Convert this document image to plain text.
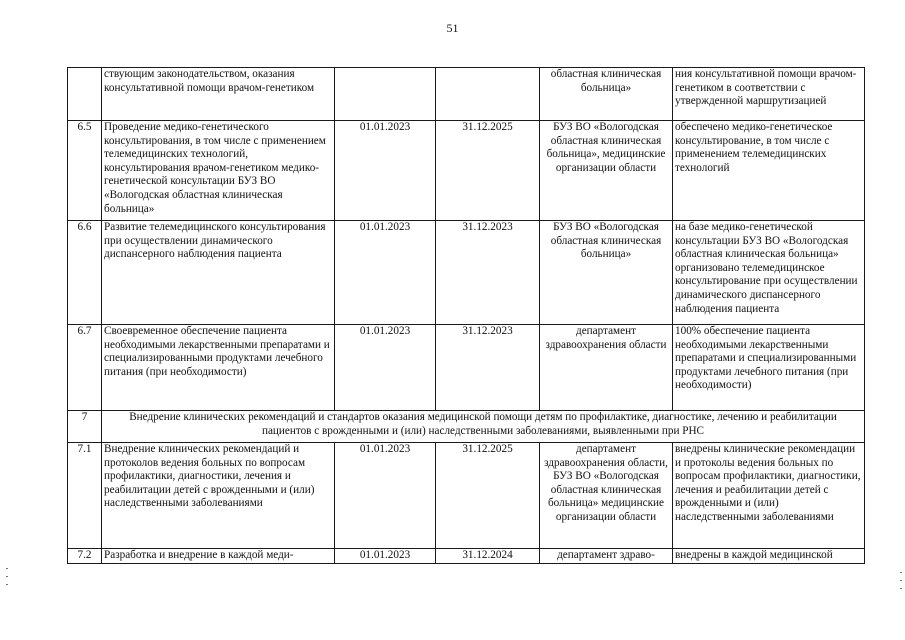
51
	ствующим законодательством, оказания консультативной помощи врачом-генетиком			областная клиническая больница»	ния консультативной помощи врачом-генетиком в соответствии с утвержденной маршрутизацией
6.5	Проведение медико-генетического консультирования, в том числе с применением телемедицинских технологий, консультирования врачом-генетиком медико-генетической консультации БУЗ ВО «Вологодская областная клиническая больница»	01.01.2023	31.12.2025	БУЗ ВО «Вологодская областная клиническая больница», медицинские организации области	обеспечено медико-генетическое консультирование, в том числе с применением телемедицинских технологий
6.6	Развитие телемедицинского консультирования при осуществлении динамического диспансерного наблюдения пациента	01.01.2023	31.12.2023	БУЗ ВО «Вологодская областная клиническая больница»	на базе медико-генетической консультации БУЗ ВО «Вологодская областная клиническая больница» организовано телемедицинское консультирование при осуществлении динамического диспансерного наблюдения пациента
6.7	Своевременное обеспечение пациента необходимыми лекарственными препаратами и специализированными продуктами лечебного питания (при необходимости)	01.01.2023	31.12.2023	департамент здравоохранения области	100% обеспечение пациента необходимыми лекарственными препаратами и специализированными продуктами лечебного питания (при необходимости)
7	Внедрение клинических рекомендаций и стандартов оказания медицинской помощи детям по профилактике, диагностике, лечению и реабилитации пациентов с врожденными и (или) наследственными заболеваниями, выявленными при РНС				
7.1	Внедрение клинических рекомендаций и протоколов ведения больных по вопросам профилактики, диагностики, лечения и реабилитации детей с врожденными и (или) наследственными заболеваниями	01.01.2023	31.12.2025	департамент здравоохранения области, БУЗ ВО «Вологодская областная клиническая больница» медицинские организации области	внедрены клинические рекомендации и протоколы ведения больных по вопросам профилактики, диагностики, лечения и реабилитации детей с врожденными и (или) наследственными заболеваниями
7.2	Разработка и внедрение в каждой меди-	01.01.2023	31.12.2024	департамент здраво-	внедрены в каждой медицинской
